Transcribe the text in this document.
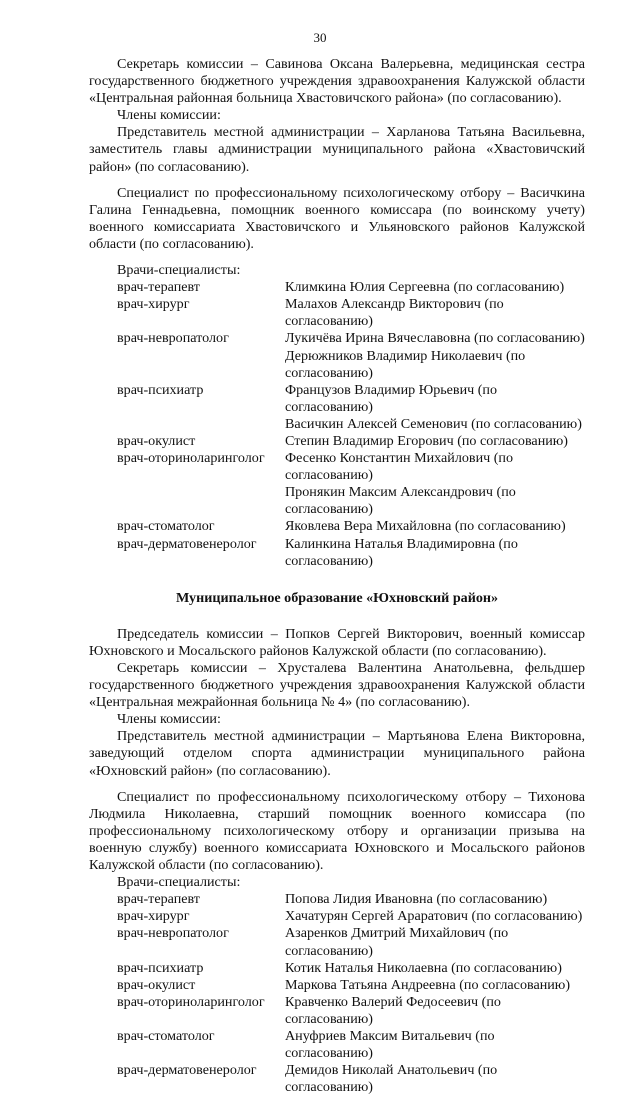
30

Секретарь комиссии – Савинова Оксана Валерьевна, медицинская сестра государственного бюджетного учреждения здравоохранения Калужской области «Центральная районная больница Хвастовичского района» (по согласованию).

Члены комиссии:

Представитель местной администрации – Харланова Татьяна Васильевна, заместитель главы администрации муниципального района «Хвастовичский район» (по согласованию).

Специалист по профессиональному психологическому отбору – Васичкина Галина Геннадьевна, помощник военного комиссара (по воинскому учету) военного комиссариата Хвастовичского и Ульяновского районов Калужской области (по согласованию).

Врачи-специалисты:

врач-терапевт	Климкина Юлия Сергеевна (по согласованию)
врач-хирург	Малахов Александр Викторович (по согласованию)
врач-невропатолог	Лукичёва Ирина Вячеславовна (по согласованию)
	Дерюжников Владимир Николаевич (по согласованию)
врач-психиатр	Французов Владимир Юрьевич (по согласованию)
	Васичкин Алексей Семенович (по согласованию)
врач-окулист	Степин Владимир Егорович (по согласованию)
врач-оториноларинголог	Фесенко Константин Михайлович (по согласованию)
	Пронякин Максим Александрович (по согласованию)
врач-стоматолог	Яковлева Вера Михайловна (по согласованию)
врач-дерматовенеролог	Калинкина Наталья Владимировна (по согласованию)
Муниципальное образование «Юхновский район»

Председатель комиссии – Попков Сергей Викторович, военный комиссар Юхновского и Мосальского районов Калужской области (по согласованию).

Секретарь комиссии – Хрусталева Валентина Анатольевна, фельдшер государственного бюджетного учреждения здравоохранения Калужской области «Центральная межрайонная больница № 4» (по согласованию).

Члены комиссии:

Представитель местной администрации – Мартьянова Елена Викторовна, заведующий отделом спорта администрации муниципального района «Юхновский район» (по согласованию).

Специалист по профессиональному психологическому отбору – Тихонова Людмила Николаевна, старший помощник военного комиссара (по профессиональному психологическому отбору и организации призыва на военную службу) военного комиссариата Юхновского и Мосальского районов Калужской области (по согласованию).

Врачи-специалисты:

врач-терапевт	Попова Лидия Ивановна (по согласованию)
врач-хирург	Хачатурян Сергей Араратович (по согласованию)
врач-невропатолог	Азаренков Дмитрий Михайлович (по согласованию)
врач-психиатр	Котик Наталья Николаевна (по согласованию)
врач-окулист	Маркова Татьяна Андреевна (по согласованию)
врач-оториноларинголог	Кравченко Валерий Федосеевич (по согласованию)
врач-стоматолог	Ануфриев Максим Витальевич (по согласованию)
врач-дерматовенеролог	Демидов Николай Анатольевич (по согласованию)
